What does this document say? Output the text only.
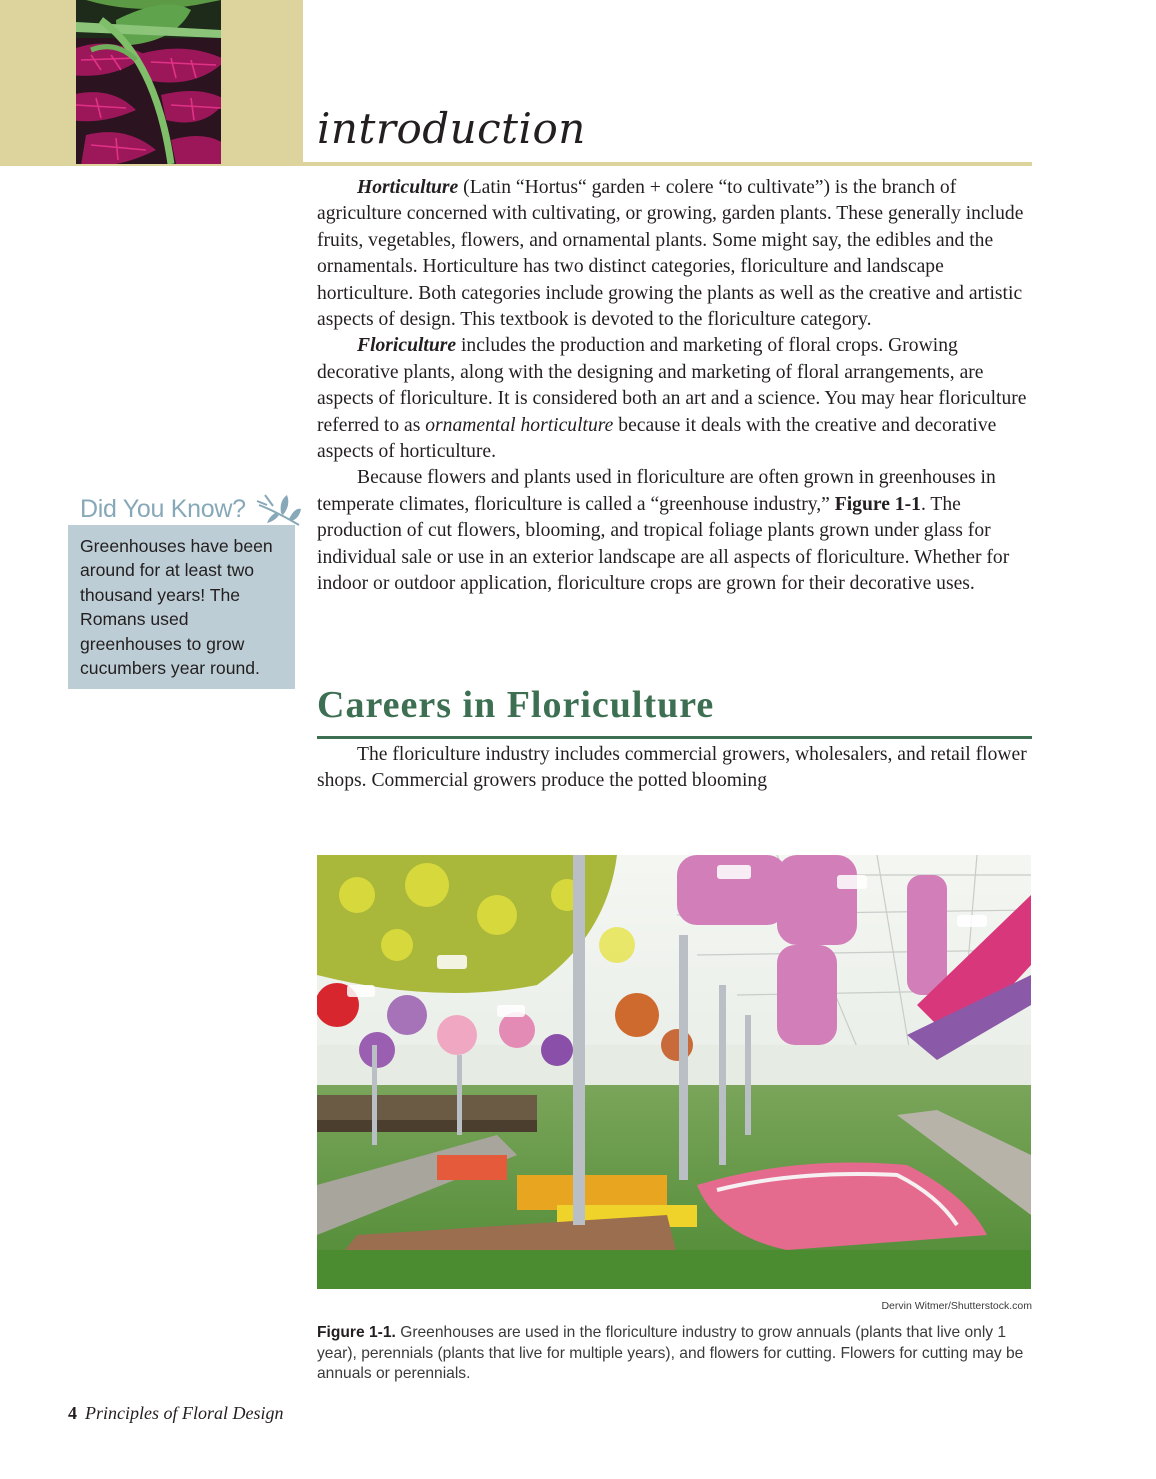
introduction

Horticulture (Latin “Hortus“ garden + colere “to cultivate”) is the branch of agriculture concerned with cultivating, or growing, garden plants. These generally include fruits, vegetables, flowers, and ornamental plants. Some might say, the edibles and the ornamentals. Horticulture has two distinct categories, floriculture and landscape horticulture. Both categories include growing the plants as well as the creative and artistic aspects of design. This textbook is devoted to the floriculture category.

Floriculture includes the production and marketing of floral crops. Growing decorative plants, along with the designing and marketing of floral arrangements, are aspects of floriculture. It is considered both an art and a science. You may hear floriculture referred to as ornamental horticulture because it deals with the creative and decorative aspects of horticulture.

Because flowers and plants used in floriculture are often grown in greenhouses in temperate climates, floriculture is called a “greenhouse industry,” Figure 1-1. The production of cut flowers, blooming, and tropical foliage plants grown under glass for individual sale or use in an exterior landscape are all aspects of floriculture. Whether for indoor or outdoor application, floriculture crops are grown for their decorative uses.

Did You Know?
Greenhouses have been around for at least two thousand years! The Romans used greenhouses to grow cucumbers year round.
Careers in Floriculture

The floriculture industry includes commercial growers, wholesalers, and retail flower shops. Commercial growers produce the potted blooming

Dervin Witmer/Shutterstock.com
Figure 1-1. Greenhouses are used in the floriculture industry to grow annuals (plants that live only 1 year), perennials (plants that live for multiple years), and flowers for cutting. Flowers for cutting may be annuals or perennials.
4 Principles of Floral Design
